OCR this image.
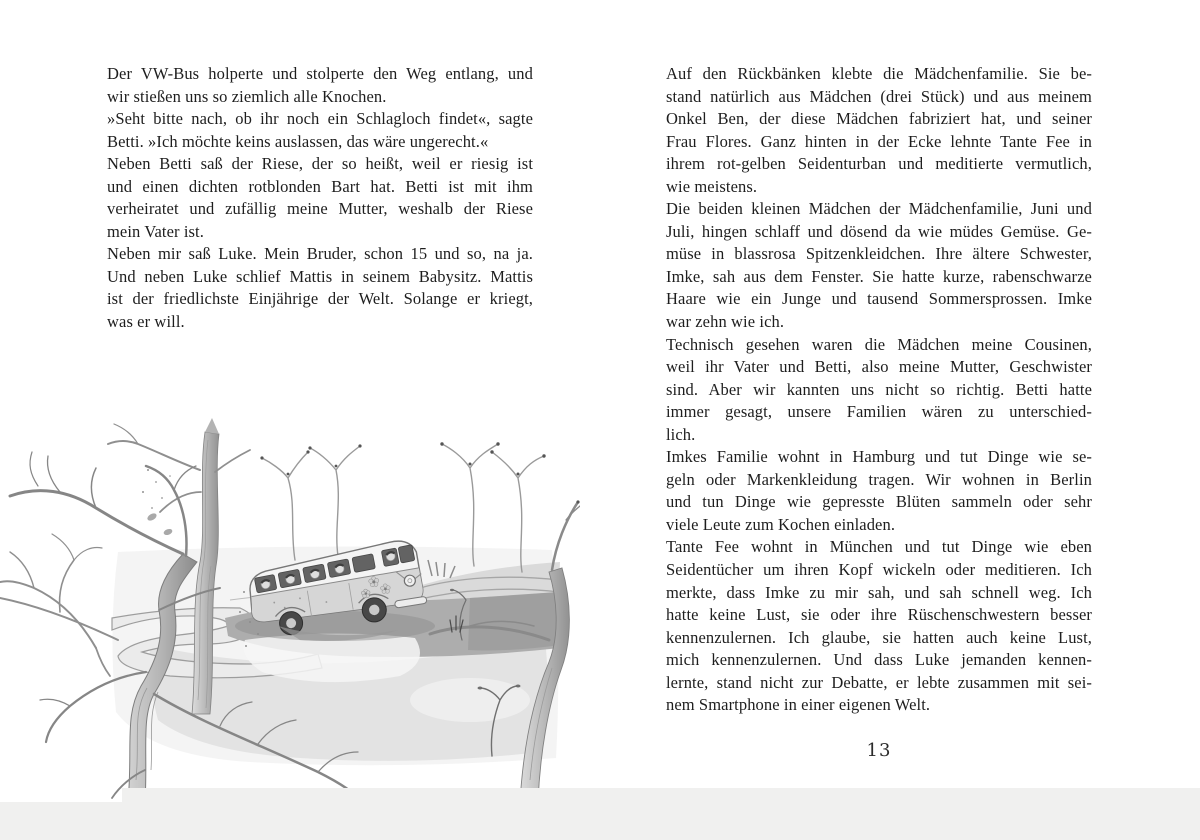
Der VW-Bus holperte und stolperte den Weg entlang, und
wir stießen uns so ziemlich alle Knochen.
»Seht bitte nach, ob ihr noch ein Schlagloch findet«, sagte
Betti. »Ich möchte keins auslassen, das wäre ungerecht.«
Neben Betti saß der Riese, der so heißt, weil er riesig ist
und einen dichten rotblonden Bart hat. Betti ist mit ihm
verheiratet und zufällig meine Mutter, weshalb der Riese
mein Vater ist.
Neben mir saß Luke. Mein Bruder, schon 15 und so, na ja.
Und neben Luke schlief Mattis in seinem Babysitz. Mattis
ist der friedlichste Einjährige der Welt. Solange er kriegt,
was er will.
Auf den Rückbänken klebte die Mädchenfamilie. Sie be-
stand natürlich aus Mädchen (drei Stück) und aus meinem
Onkel Ben, der diese Mädchen fabriziert hat, und seiner
Frau Flores. Ganz hinten in der Ecke lehnte Tante Fee in
ihrem rot-gelben Seidenturban und meditierte vermutlich,
wie meistens.
Die beiden kleinen Mädchen der Mädchenfamilie, Juni und
Juli, hingen schlaff und dösend da wie müdes Gemüse. Ge-
müse in blassrosa Spitzenkleidchen. Ihre ältere Schwester,
Imke, sah aus dem Fenster. Sie hatte kurze, rabenschwarze
Haare wie ein Junge und tausend Sommersprossen. Imke
war zehn wie ich.
Technisch gesehen waren die Mädchen meine Cousinen,
weil ihr Vater und Betti, also meine Mutter, Geschwister
sind. Aber wir kannten uns nicht so richtig. Betti hatte
immer gesagt, unsere Familien wären zu unterschied-
lich.
Imkes Familie wohnt in Hamburg und tut Dinge wie se-
geln oder Markenkleidung tragen. Wir wohnen in Berlin
und tun Dinge wie gepresste Blüten sammeln oder sehr
viele Leute zum Kochen einladen.
Tante Fee wohnt in München und tut Dinge wie eben
Seidentücher um ihren Kopf wickeln oder meditieren. Ich
merkte, dass Imke zu mir sah, und sah schnell weg. Ich
hatte keine Lust, sie oder ihre Rüschenschwestern besser
kennenzulernen. Ich glaube, sie hatten auch keine Lust,
mich kennenzulernen. Und dass Luke jemanden kennen-
lernte, stand nicht zur Debatte, er lebte zusammen mit sei-
nem Smartphone in einer eigenen Welt.
13
